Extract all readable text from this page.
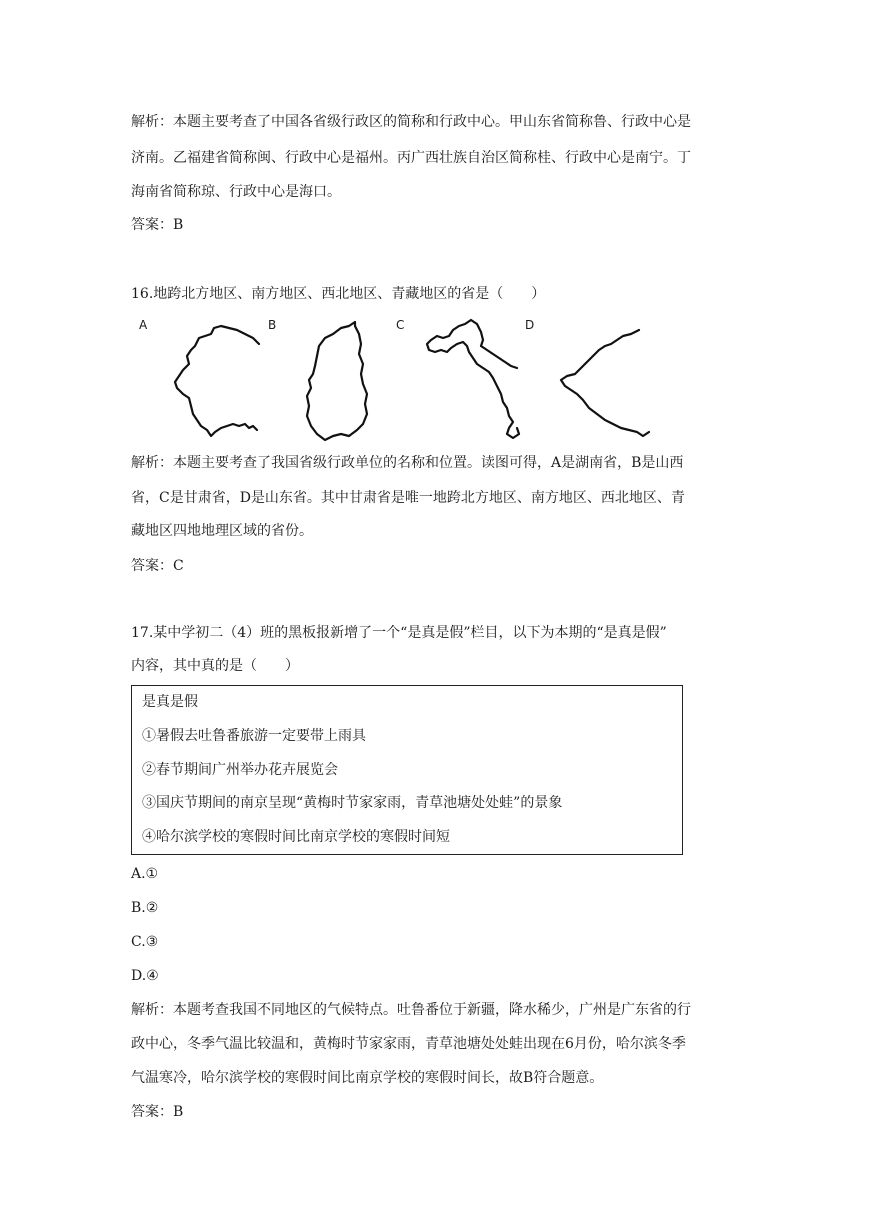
解析：本题主要考查了中国各省级行政区的简称和行政中心。甲山东省简称鲁、行政中心是
济南。乙福建省简称闽、行政中心是福州。丙广西壮族自治区简称桂、行政中心是南宁。丁
海南省简称琼、行政中心是海口。
答案：B
16.地跨北方地区、南方地区、西北地区、青藏地区的省是（　　）
A	B	C	D
解析：本题主要考查了我国省级行政单位的名称和位置。读图可得，A是湖南省，B是山西
省，C是甘肃省，D是山东省。其中甘肃省是唯一地跨北方地区、南方地区、西北地区、青
藏地区四地地理区域的省份。
答案：C
17.某中学初二（4）班的黑板报新增了一个“是真是假”栏目，以下为本期的“是真是假”
内容，其中真的是（　　）
是真是假
①暑假去吐鲁番旅游一定要带上雨具
②春节期间广州举办花卉展览会
③国庆节期间的南京呈现“黄梅时节家家雨，青草池塘处处蛙”的景象
④哈尔滨学校的寒假时间比南京学校的寒假时间短
A.①
B.②
C.③
D.④
解析：本题考查我国不同地区的气候特点。吐鲁番位于新疆，降水稀少，广州是广东省的行
政中心，冬季气温比较温和，黄梅时节家家雨，青草池塘处处蛙出现在6月份，哈尔滨冬季
气温寒冷，哈尔滨学校的寒假时间比南京学校的寒假时间长，故B符合题意。
答案：B
